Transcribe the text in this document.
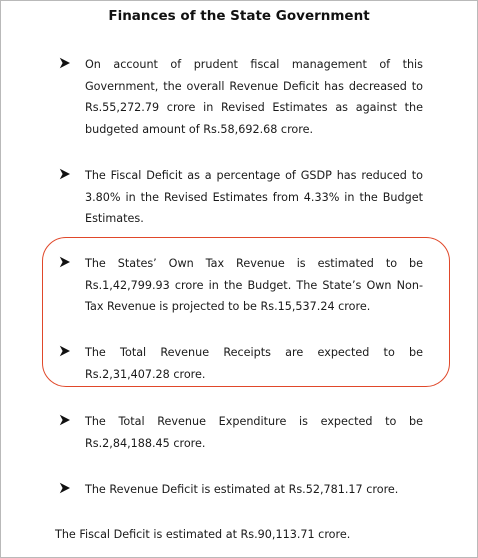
Finances of the State Government

On account of prudent fiscal management of this Government, the overall Revenue Deficit has decreased to Rs.55,272.79 crore in Revised Estimates as against the budgeted amount of Rs.58,692.68 crore.

The Fiscal Deficit as a percentage of GSDP has reduced to 3.80% in the Revised Estimates from 4.33% in the Budget Estimates.

The States’ Own Tax Revenue is estimated to be Rs.1,42,799.93 crore in the Budget. The State’s Own Non-Tax Revenue is projected to be Rs.15,537.24 crore.

The Total Revenue Receipts are expected to be Rs.2,31,407.28 crore.

The Total Revenue Expenditure is expected to be Rs.2,84,188.45 crore.

The Revenue Deficit is estimated at Rs.52,781.17 crore.

The Fiscal Deficit is estimated at Rs.90,113.71 crore.
